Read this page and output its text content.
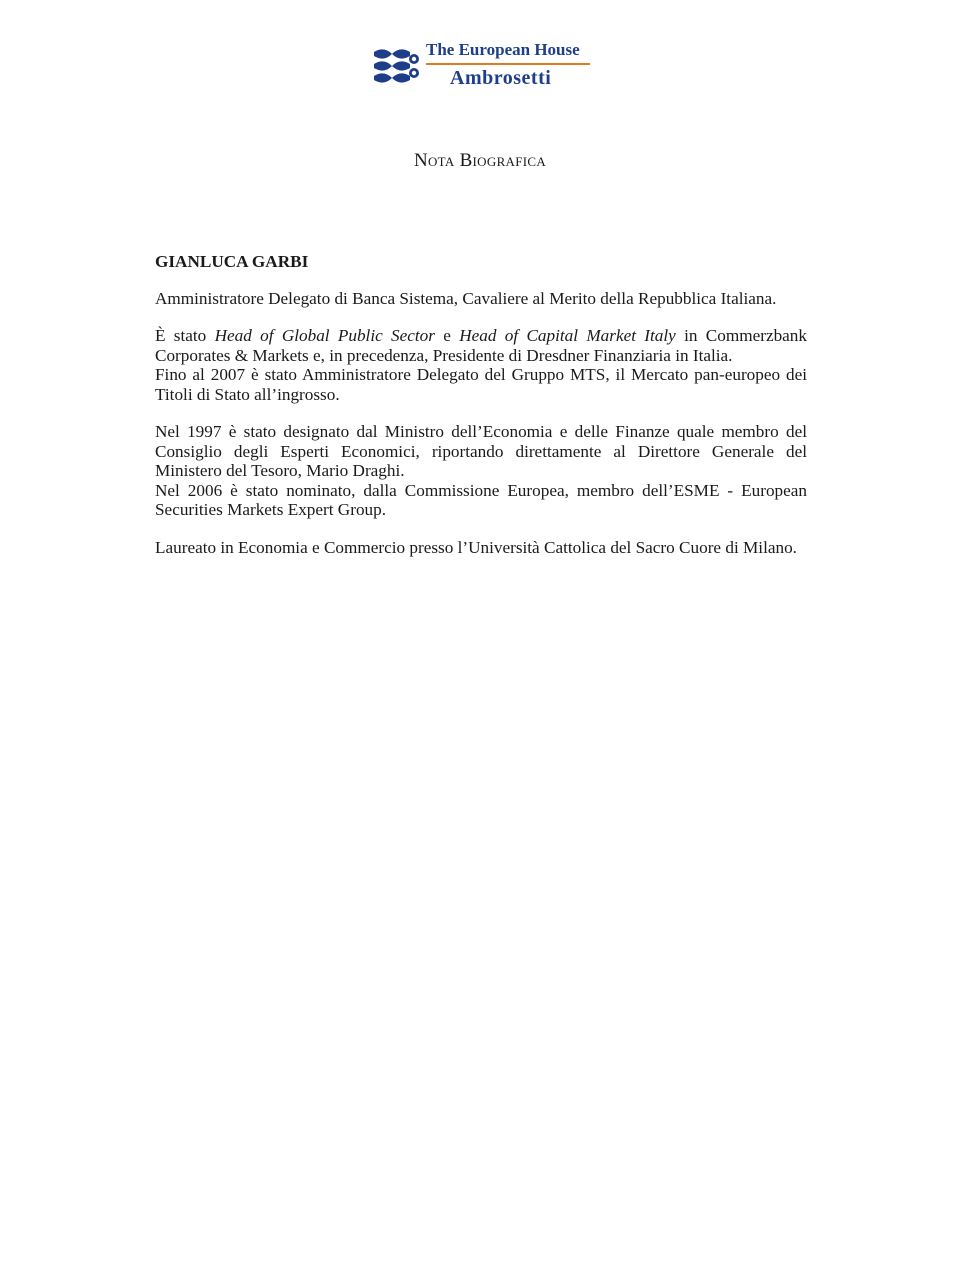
The European House
Ambrosetti
Nota Biografica

GIANLUCA GARBI

Amministratore Delegato di Banca Sistema, Cavaliere al Merito della Repubblica Italiana.

È stato Head of Global Public Sector e Head of Capital Market Italy in Commerzbank Corporates & Markets e, in precedenza, Presidente di Dresdner Finanziaria in Italia.

Fino al 2007 è stato Amministratore Delegato del Gruppo MTS, il Mercato pan-europeo dei Titoli di Stato all’ingrosso.

Nel 1997 è stato designato dal Ministro dell’Economia e delle Finanze quale membro del Consiglio degli Esperti Economici, riportando direttamente al Direttore Generale del Ministero del Tesoro, Mario Draghi.

Nel 2006 è stato nominato, dalla Commissione Europea, membro dell’ESME - European Securities Markets Expert Group.

Laureato in Economia e Commercio presso l’Università Cattolica del Sacro Cuore di Milano.
